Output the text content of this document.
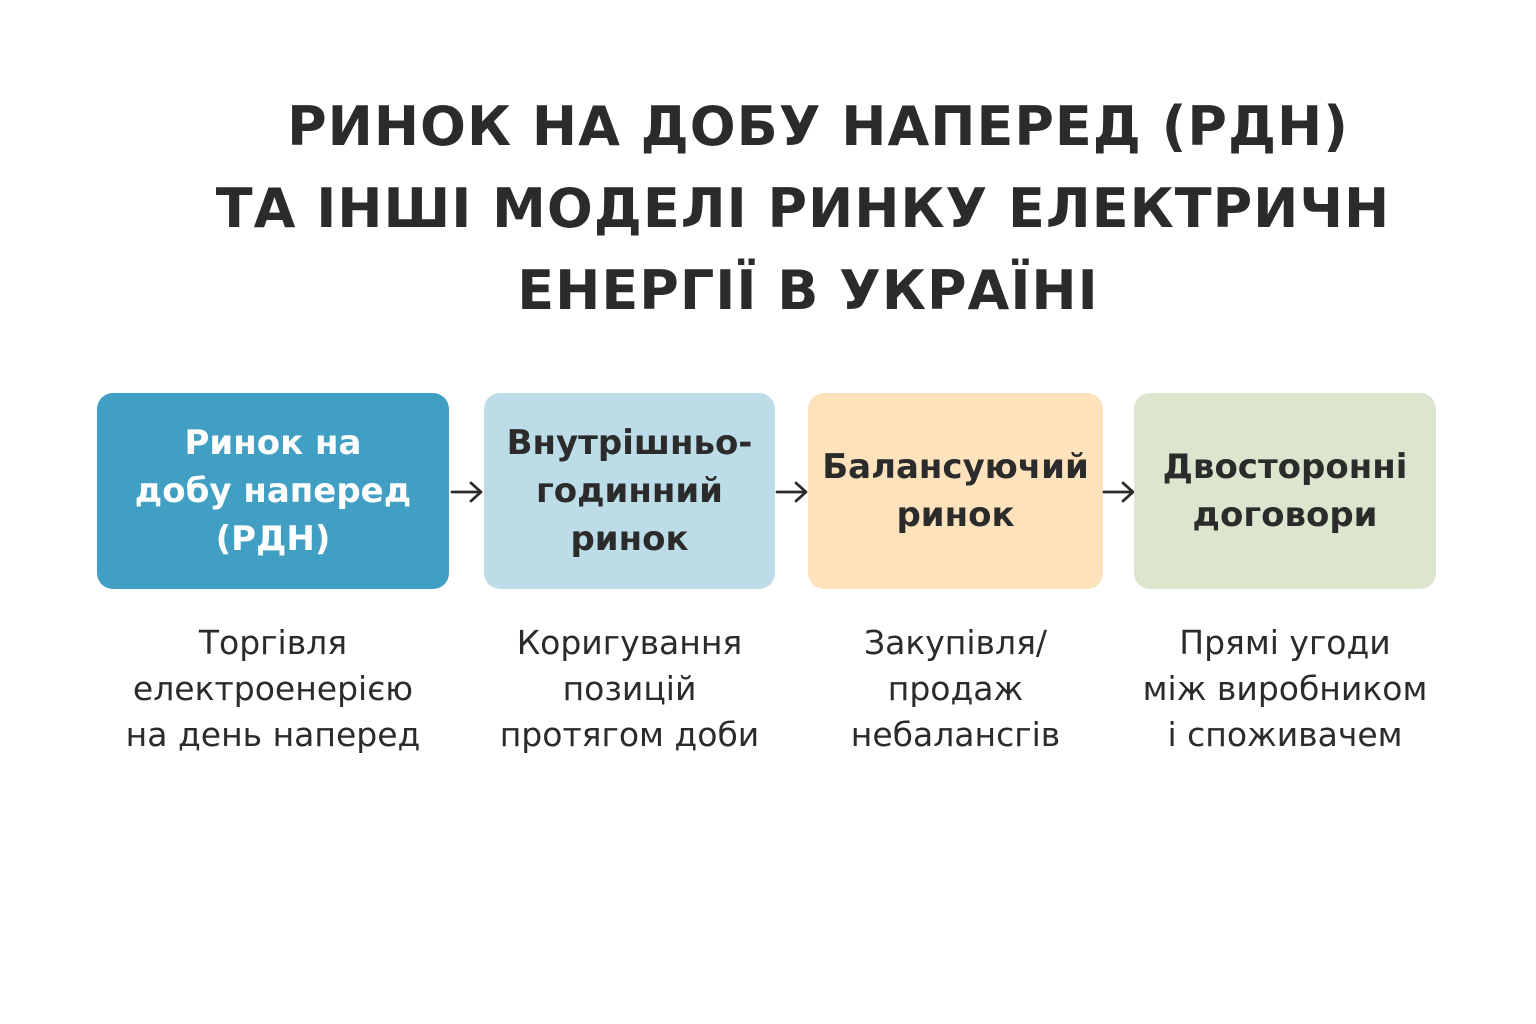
РИНОК НА ДОБУ НАПЕРЕД (РДН)
ТА ІНШІ МОДЕЛІ РИНКУ ЕЛЕКТРИЧН
ЕНЕРГІЇ В УКРАЇНІ
Ринок на
добу наперед
(РДН)
Внутрішньо-
годинний
ринок
Балансуючий
ринок
Двосторонні
договори
Торгівля
електроенерією
на день наперед
Коригування
позицій
протягом доби
Закупівля/
продаж
небалансгів
Прямі угоди
між виробником
і споживачем
